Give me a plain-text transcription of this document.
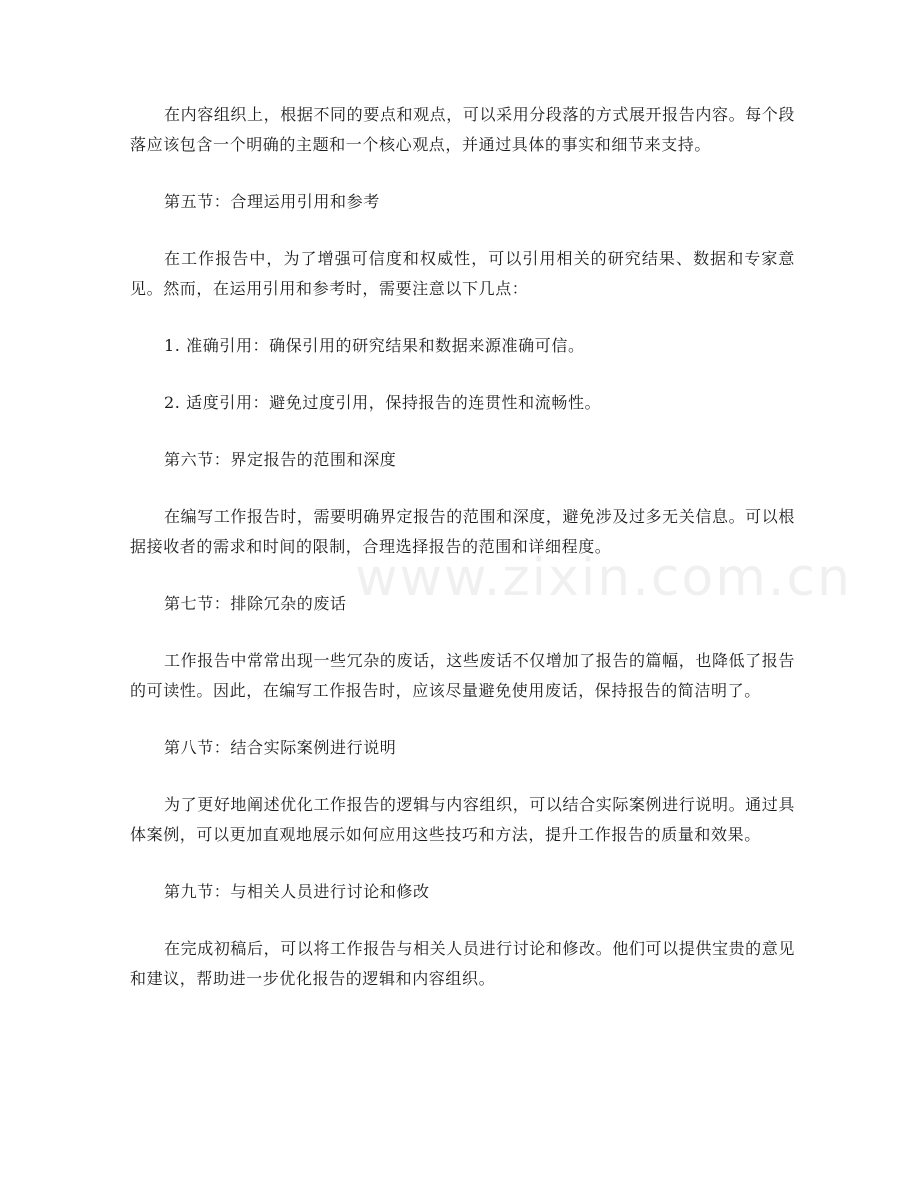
在内容组织上，根据不同的要点和观点，可以采用分段落的方式展开报告内容。每个段落应该包含一个明确的主题和一个核心观点，并通过具体的事实和细节来支持。

第五节：合理运用引用和参考

在工作报告中，为了增强可信度和权威性，可以引用相关的研究结果、数据和专家意见。然而，在运用引用和参考时，需要注意以下几点：

1. 准确引用：确保引用的研究结果和数据来源准确可信。

2. 适度引用：避免过度引用，保持报告的连贯性和流畅性。

第六节：界定报告的范围和深度

在编写工作报告时，需要明确界定报告的范围和深度，避免涉及过多无关信息。可以根据接收者的需求和时间的限制，合理选择报告的范围和详细程度。

第七节：排除冗杂的废话

工作报告中常常出现一些冗杂的废话，这些废话不仅增加了报告的篇幅，也降低了报告的可读性。因此，在编写工作报告时，应该尽量避免使用废话，保持报告的简洁明了。

第八节：结合实际案例进行说明

为了更好地阐述优化工作报告的逻辑与内容组织，可以结合实际案例进行说明。通过具体案例，可以更加直观地展示如何应用这些技巧和方法，提升工作报告的质量和效果。

第九节：与相关人员进行讨论和修改

在完成初稿后，可以将工作报告与相关人员进行讨论和修改。他们可以提供宝贵的意见和建议，帮助进一步优化报告的逻辑和内容组织。

www.zixin.com.cn
